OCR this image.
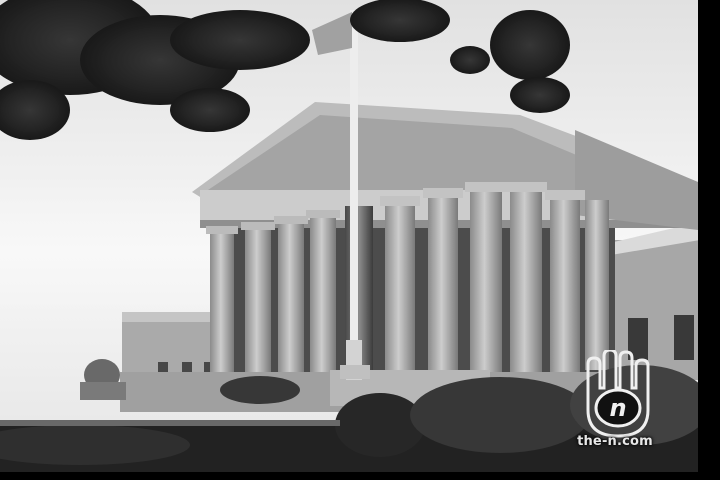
n
the-n.com
